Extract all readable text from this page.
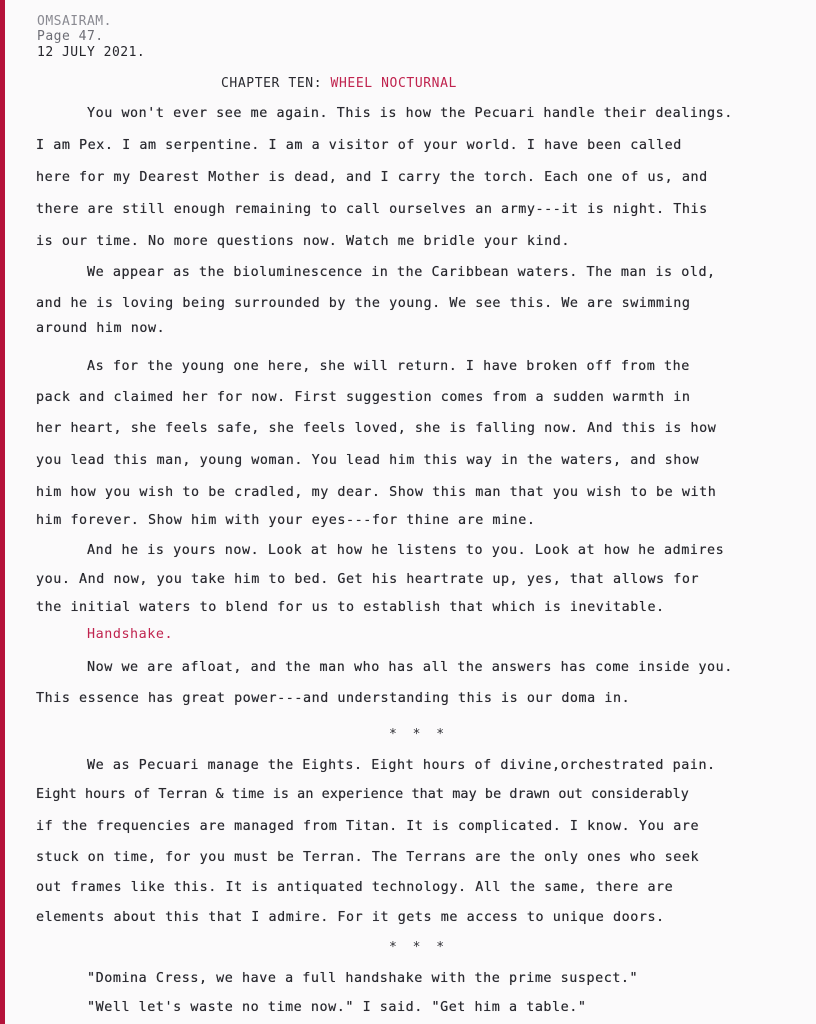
OMSAIRAM.
Page 47.
12 JULY 2021.
CHAPTER TEN: WHEEL NOCTURNAL
You won't ever see me again. This is how the Pecuari handle their dealings.
I am Pex. I am serpentine. I am a visitor of your world. I have been called
here for my Dearest Mother is dead, and I carry the torch. Each one of us, and
there are still enough remaining to call ourselves an army---it is night. This
is our time. No more questions now. Watch me bridle your kind.
We appear as the bioluminescence in the Caribbean waters. The man is old,
and he is loving being surrounded by the young. We see this. We are swimming
around him now.
As for the young one here, she will return. I have broken off from the
pack and claimed her for now. First suggestion comes from a sudden warmth in
her heart, she feels safe, she feels loved, she is falling now. And this is how
you lead this man, young woman. You lead him this way in the waters, and show
him how you wish to be cradled, my dear. Show this man that you wish to be with
him forever. Show him with your eyes---for thine are mine.
And he is yours now. Look at how he listens to you. Look at how he admires
you. And now, you take him to bed. Get his heartrate up, yes, that allows for
the initial waters to blend for us to establish that which is inevitable.
Handshake.
Now we are afloat, and the man who has all the answers has come inside you.
This essence has great power---and understanding this is our doma in.
* * *
We as Pecuari manage the Eights. Eight hours of divine,orchestrated pain.
Eight hours of Terran & time is an experience that may be drawn out considerably
if the frequencies are managed from Titan. It is complicated. I know. You are
stuck on time, for you must be Terran. The Terrans are the only ones who seek
out frames like this. It is antiquated technology. All the same, there are
elements about this that I admire. For it gets me access to unique doors.
* * *
"Domina Cress, we have a full handshake with the prime suspect."
"Well let's waste no time now." I said. "Get him a table."
